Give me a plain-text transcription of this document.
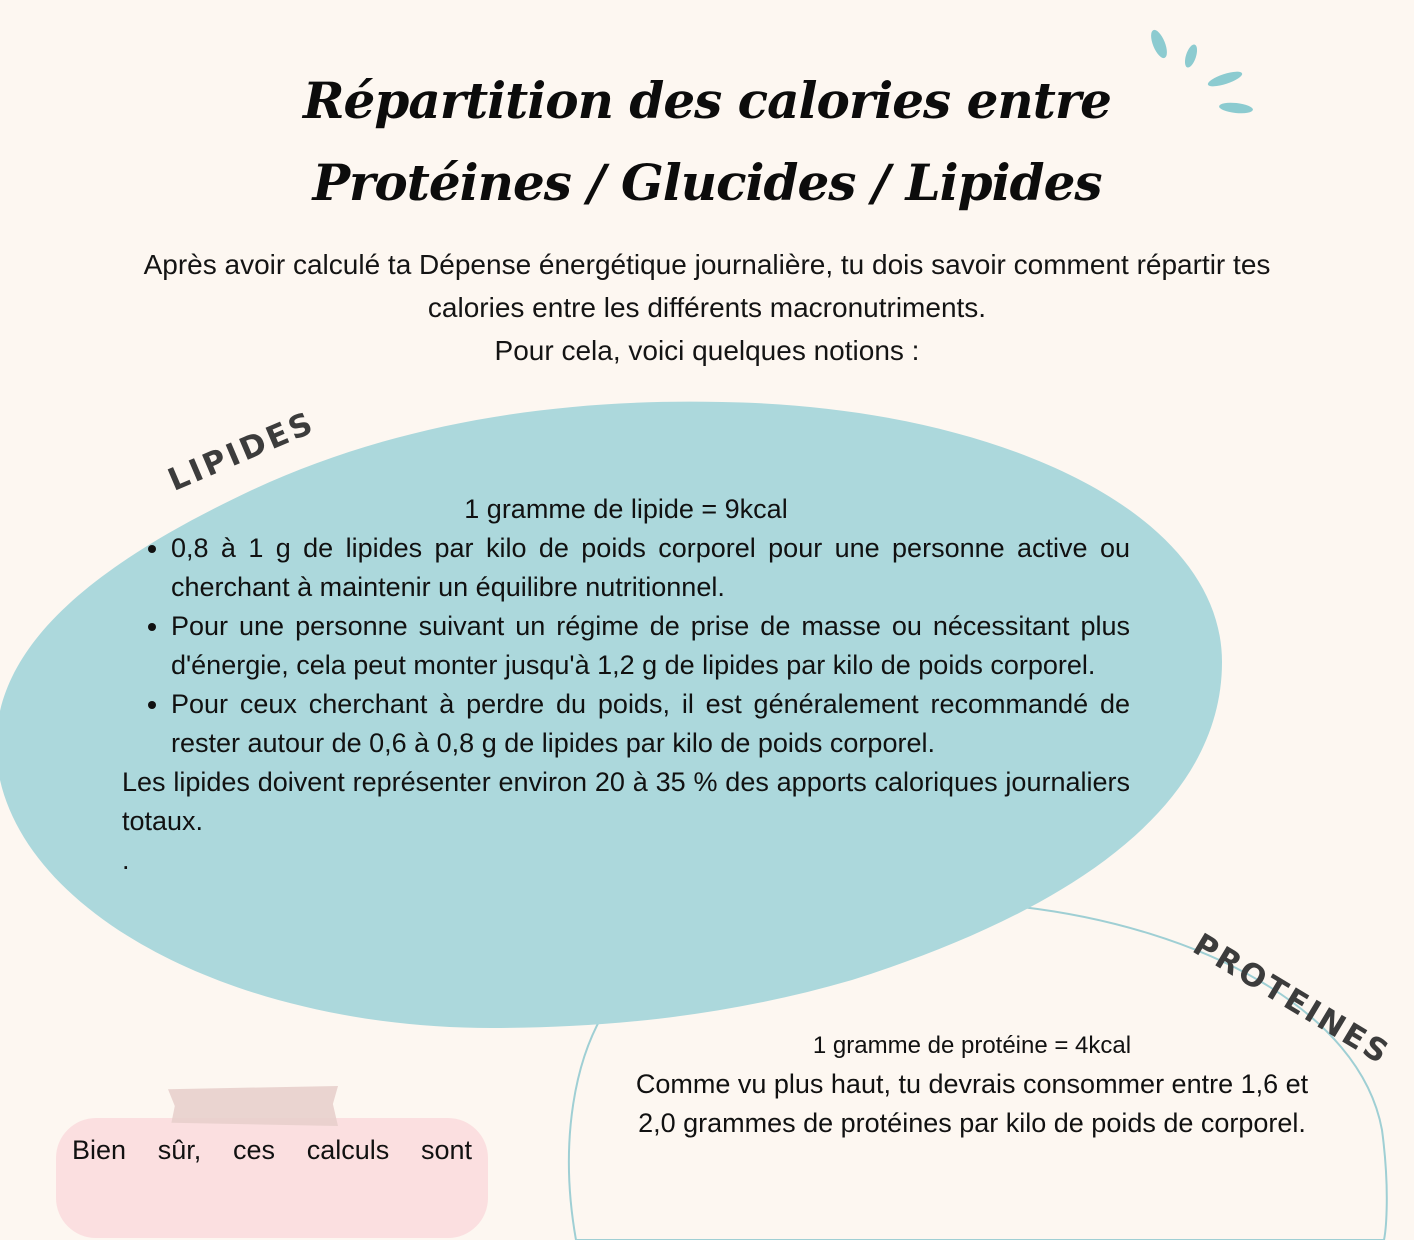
Répartition des calories entre
Protéines / Glucides / Lipides
Après avoir calculé ta Dépense énergétique journalière, tu dois savoir comment répartir tes
calories entre les différents macronutriments.
Pour cela, voici quelques notions :
LIPIDES
PROTEINES
1 gramme de lipide = 9kcal
• 0,8 à 1 g de lipides par kilo de poids corporel pour une personne active ou cherchant à maintenir un équilibre nutritionnel.
• Pour une personne suivant un régime de prise de masse ou nécessitant plus d'énergie, cela peut monter jusqu'à 1,2 g de lipides par kilo de poids corporel.
• Pour ceux cherchant à perdre du poids, il est généralement recommandé de rester autour de 0,6 à 0,8 g de lipides par kilo de poids corporel.

Les lipides doivent représenter environ 20 à 35 % des apports caloriques journaliers totaux.

.

1 gramme de protéine = 4kcal
Comme vu plus haut, tu devrais consommer entre 1,6 et
2,0 grammes de protéines par kilo de poids de corporel.
Bien sûr, ces calculs sont
